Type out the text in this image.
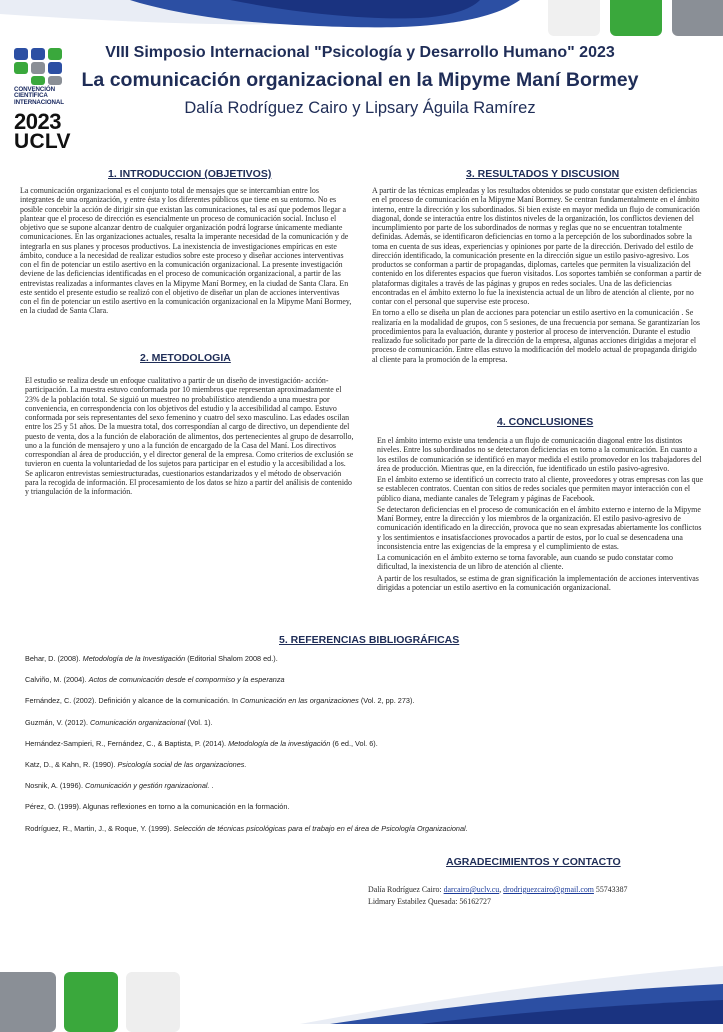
CONVENCIÓN
CIENTÍFICA
INTERNACIONAL
2023
UCLV
VIII Simposio Internacional "Psicología y Desarrollo Humano" 2023
La comunicación organizacional en la Mipyme Maní Bormey
Dalía Rodríguez Cairo y Lipsary Águila Ramírez
1. INTRODUCCION (OBJETIVOS)

La comunicación organizacional es el conjunto total de mensajes que se intercambian entre los integrantes de una organización, y entre ésta y los diferentes públicos que tiene en su entorno. No es posible concebir la acción de dirigir sin que existan las comunicaciones, tal es así que podemos llegar a plantear que el proceso de dirección es esencialmente un proceso de comunicación social. Incluso el objetivo que se supone alcanzar dentro de cualquier organización podrá lograrse únicamente mediante comunicaciones. En las organizaciones actuales, resalta la imperante necesidad de la comunicación y de integrarla en sus planes y procesos productivos. La inexistencia de investigaciones empíricas en este ámbito, conduce a la necesidad de realizar estudios sobre este proceso y diseñar acciones interventivas con el fin de potenciar un estilo asertivo en la comunicación organizacional. La presente investigación deviene de las deficiencias identificadas en el proceso de comunicación organizacional, a partir de las entrevistas realizadas a informantes claves en la Mipyme Maní Bormey, en la ciudad de Santa Clara. En este sentido el presente estudio se realizó con el objetivo de diseñar un plan de acciones interventivas con el fin de potenciar un estilo asertivo en la comunicación organizacional en la Mipyme Maní Bormey, en la ciudad de Santa Clara.

2. METODOLOGIA

El estudio se realiza desde un enfoque cualitativo a partir de un diseño de investigación- acción-participación. La muestra estuvo conformada por 10 miembros que representan aproximadamente el 23% de la población total. Se siguió un muestreo no probabilístico atendiendo a una muestra por conveniencia, en correspondencia con los objetivos del estudio y la accesibilidad al campo. Estuvo conformada por seis representantes del sexo femenino y cuatro del sexo masculino. Las edades oscilan entre los 25 y 51 años. De la muestra total, dos correspondían al cargo de directivo, un dependiente del puesto de venta, dos a la función de elaboración de alimentos, dos pertenecientes al grupo de desarrollo, uno a la función de mensajero y uno a la función de encargado de la Casa del Maní. Los directivos correspondían al área de producción, y el director general de la empresa. Como criterios de exclusión se tuvieron en cuenta la voluntariedad de los sujetos para participar en el estudio y la accesibilidad a los. Se aplicaron entrevistas semiestructuradas, cuestionarios estandarizados y el método de observación para la recogida de información. El procesamiento de los datos se hizo a partir del análisis de contenido y triangulación de la información.

3. RESULTADOS Y DISCUSION

A partir de las técnicas empleadas y los resultados obtenidos se pudo constatar que existen deficiencias en el proceso de comunicación en la Mipyme Maní Bormey. Se centran fundamentalmente en el ámbito interno, entre la dirección y los subordinados. Si bien existe en mayor medida un flujo de comunicación diagonal, donde se interactúa entre los distintos niveles de la organización, los conflictos devienen del incumplimiento por parte de los subordinados de normas y reglas que no se encuentran totalmente definidas. Además, se identificaron deficiencias en torno a la percepción de los subordinados sobre la toma en cuenta de sus ideas, experiencias y opiniones por parte de la dirección. Derivado del estilo de dirección identificado, la comunicación presente en la dirección sigue un estilo pasivo-agresivo. Los productos se conforman a partir de propagandas, diplomas, carteles que permiten la visualización del contenido en los diferentes espacios que fueron visitados. Los soportes también se conforman a partir de plataformas digitales a través de las páginas y grupos en redes sociales. Una de las deficiencias encontradas en el ámbito externo lo fue la inexistencia actual de un libro de atención al cliente, por no contar con el personal que supervise este proceso.

En torno a ello se diseña un plan de acciones para potenciar un estilo asertivo en la comunicación . Se realizaría en la modalidad de grupos, con 5 sesiones, de una frecuencia por semana. Se garantizarían los procedimientos para la evaluación, durante y posterior al proceso de intervención. Durante el estudio realizado fue solicitado por parte de la dirección de la empresa, algunas acciones dirigidas a mejorar el proceso de comunicación. Entre ellas estuvo la modificación del modelo actual de propaganda dirigido al cliente para la promoción de la empresa.

4. CONCLUSIONES

En el ámbito interno existe una tendencia a un flujo de comunicación diagonal entre los distintos niveles. Entre los subordinados no se detectaron deficiencias en torno a la comunicación. En cuanto a los estilos de comunicación se identificó en mayor medida el estilo promovedor en los trabajadores del área de producción. Mientras que, en la dirección, fue identificado un estilo pasivo-agresivo.

En el ámbito externo se identificó un correcto trato al cliente, proveedores y otras empresas con las que se establecen contratos. Cuentan con sitios de redes sociales que permiten mayor interacción con el público diana, mediante canales de Telegram y páginas de Facebook.

Se detectaron deficiencias en el proceso de comunicación en el ámbito externo e interno de la Mipyme Maní Bormey, entre la dirección y los miembros de la organización. El estilo pasivo-agresivo de comunicación identificado en la dirección, provoca que no sean expresadas abiertamente los conflictos y los sentimientos e insatisfacciones provocados a partir de estos, por lo cual se desencadena una inconsistencia entre las exigencias de la empresa y el cumplimiento de estas.

La comunicación en el ámbito externo se torna favorable, aun cuando se pudo constatar como dificultad, la inexistencia de un libro de atención al cliente.

A partir de los resultados, se estima de gran significación la implementación de acciones interventivas dirigidas a potenciar un estilo asertivo en la comunicación organizacional.

5. REFERENCIAS BIBLIOGRÁFICAS
Behar, D. (2008). Metodología de la Investigación (Editorial Shalom 2008 ed.).
Calviño, M. (2004). Actos de comunicación desde el compormiso y la esperanza
Fernández, C. (2002). Definición y alcance de la comunicación. In Comunicación en las organizaciones (Vol. 2, pp. 273).
Guzmán, V. (2012). Comunicación organizacional (Vol. 1).
Hernández-Sampieri, R., Fernández, C., & Baptista, P. (2014). Metodología de la investigación (6 ed., Vol. 6).
Katz, D., & Kahn, R. (1990). Psicología social de las organizaciones.
Nosnik, A. (1996). Comunicación y gestión rganizacional. .
Pérez, O. (1999). Algunas reflexiones en torno a la comunicación en la formación.
Rodríguez, R., Martin, J., & Roque, Y. (1999). Selección de técnicas psicológicas para el trabajo en el área de Psicología Organizacional.
AGRADECIMIENTOS Y CONTACTO
Dalía Rodríguez Cairo: darcairo@uclv.cu, drodriguezcairo@gmail.com 55743387
Lidmary Estabilez Quesada: 56162727
